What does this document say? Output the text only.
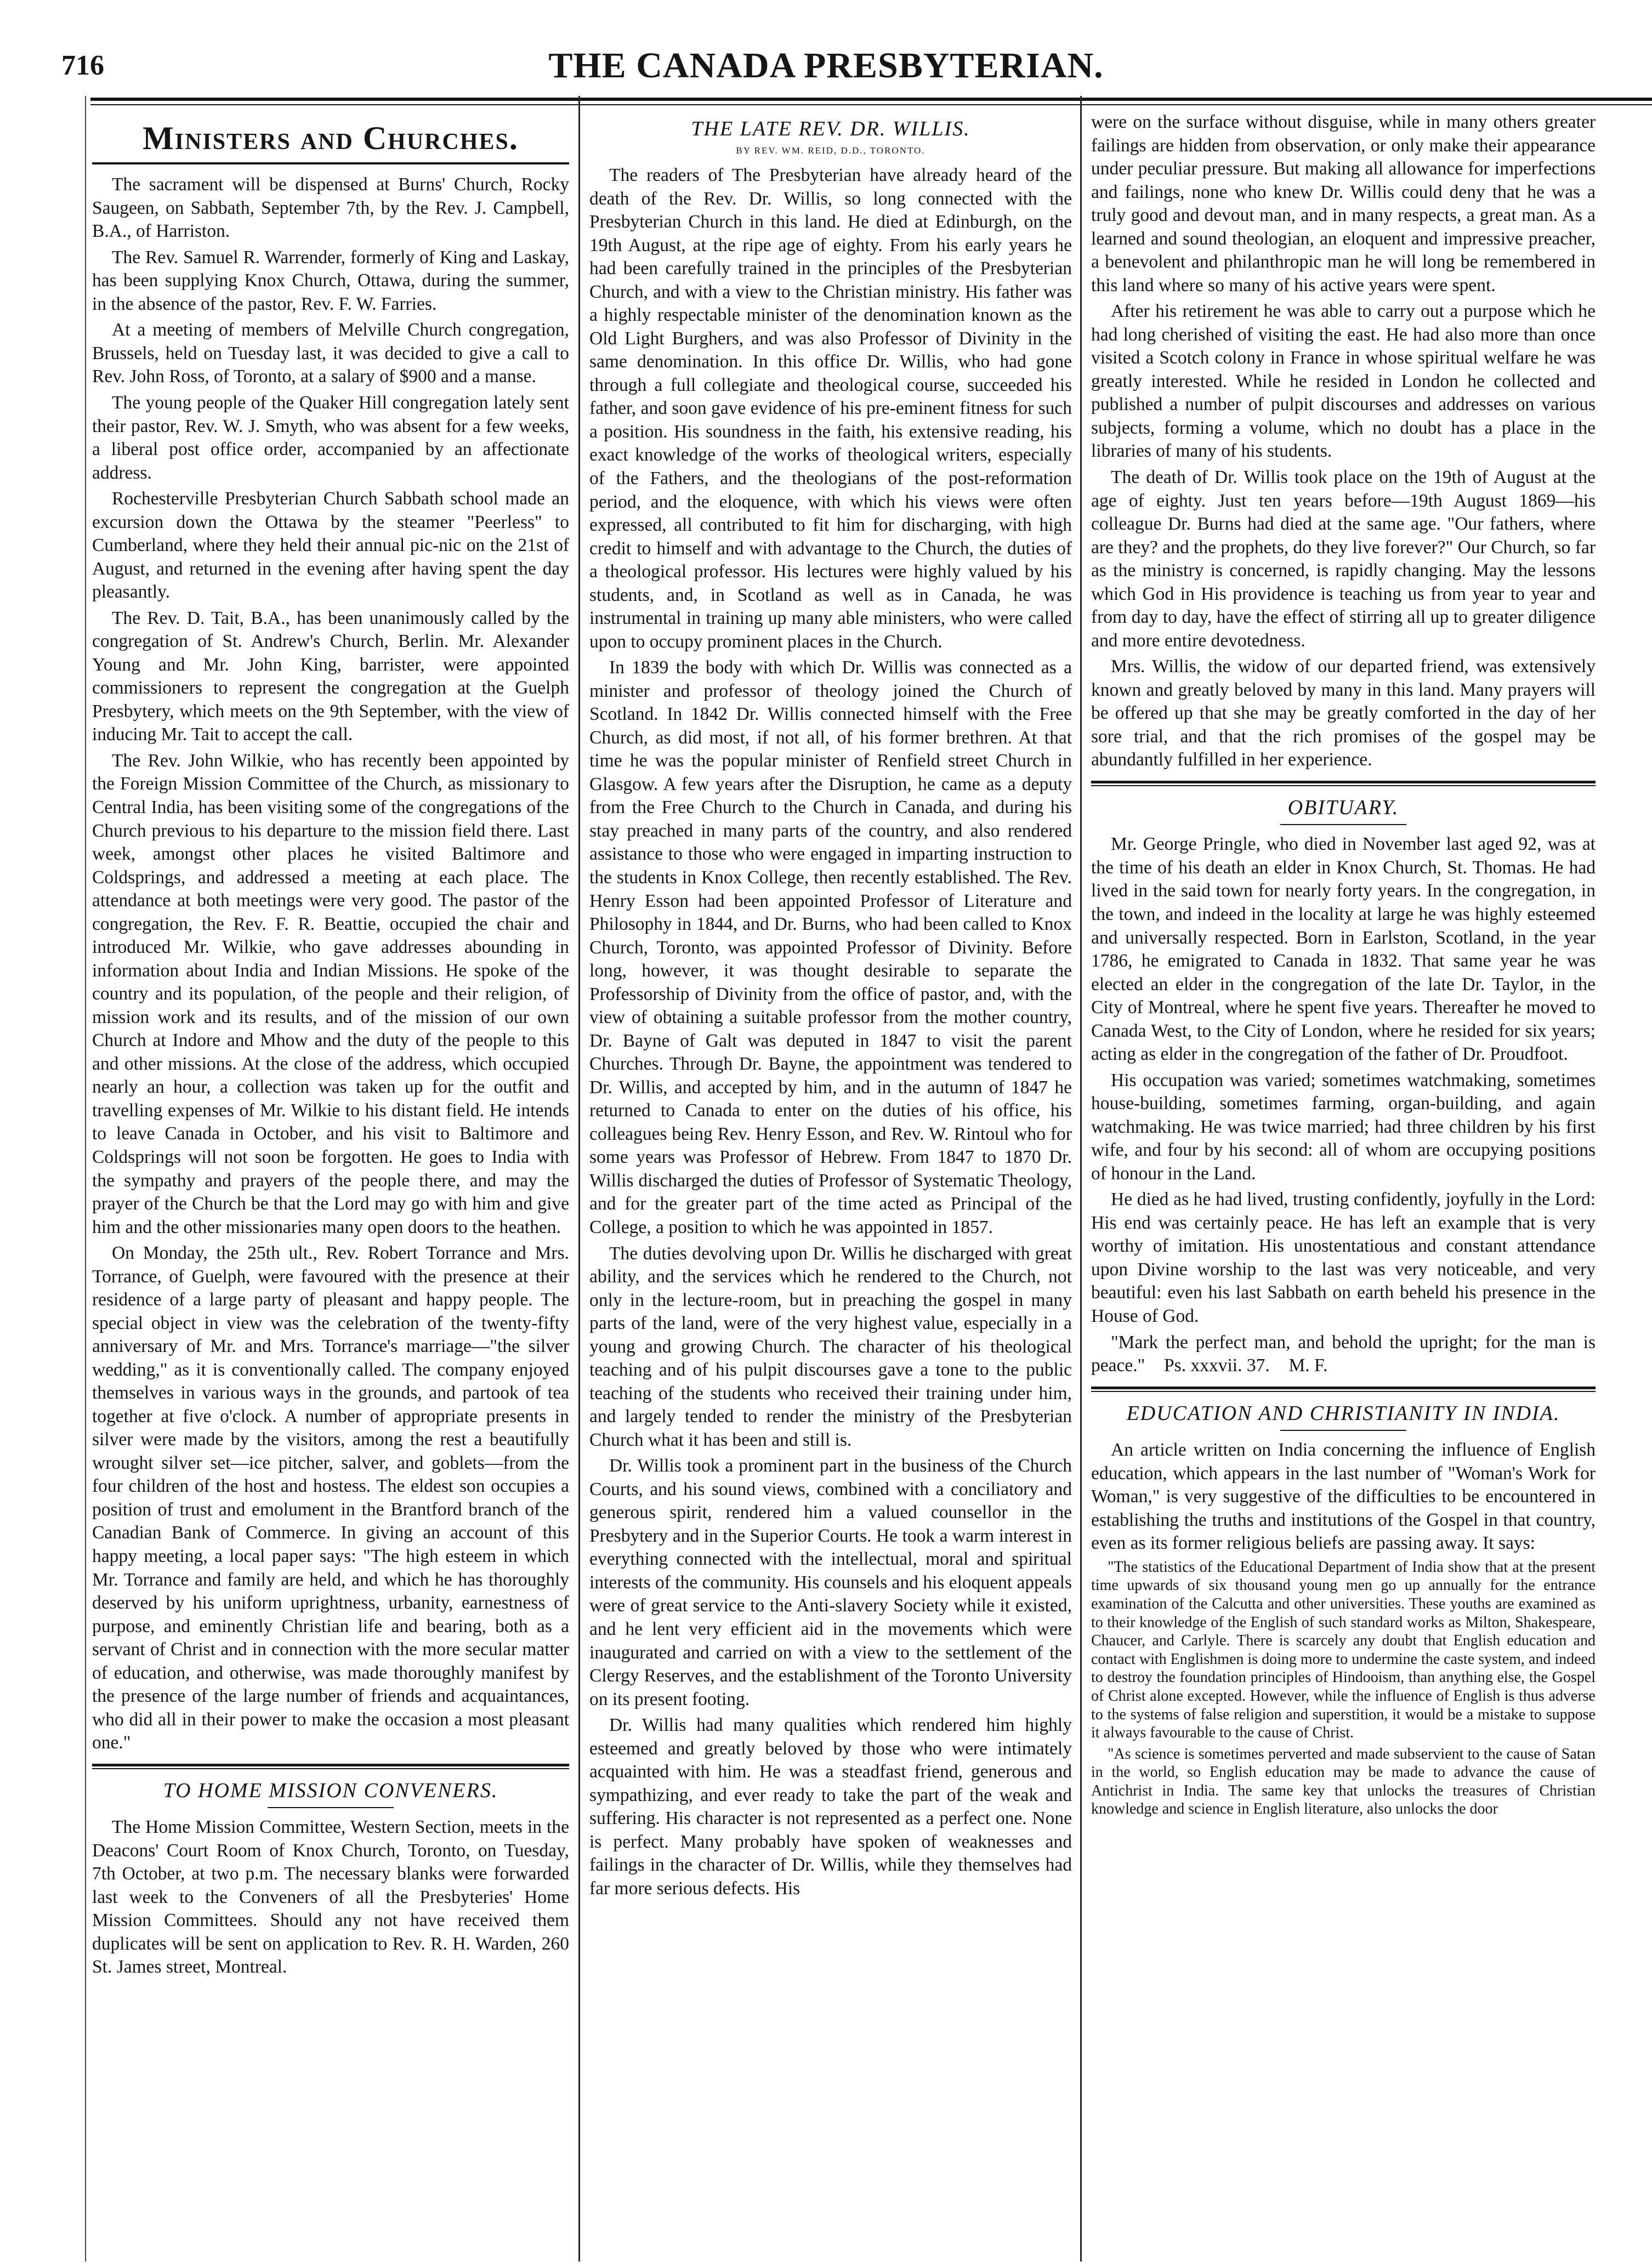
716	THE CANADA PRESBYTERIAN.
Ministers and Churches.

The sacrament will be dispensed at Burns' Church, Rocky Saugeen, on Sabbath, September 7th, by the Rev. J. Campbell, B.A., of Harriston.

The Rev. Samuel R. Warrender, formerly of King and Laskay, has been supplying Knox Church, Ottawa, during the summer, in the absence of the pastor, Rev. F. W. Farries.

At a meeting of members of Melville Church congregation, Brussels, held on Tuesday last, it was decided to give a call to Rev. John Ross, of Toronto, at a salary of $900 and a manse.

The young people of the Quaker Hill congregation lately sent their pastor, Rev. W. J. Smyth, who was absent for a few weeks, a liberal post office order, accompanied by an affectionate address.

Rochesterville Presbyterian Church Sabbath school made an excursion down the Ottawa by the steamer "Peerless" to Cumberland, where they held their annual pic-nic on the 21st of August, and returned in the evening after having spent the day pleasantly.

The Rev. D. Tait, B.A., has been unanimously called by the congregation of St. Andrew's Church, Berlin. Mr. Alexander Young and Mr. John King, barrister, were appointed commissioners to represent the congregation at the Guelph Presbytery, which meets on the 9th September, with the view of inducing Mr. Tait to accept the call.

The Rev. John Wilkie, who has recently been appointed by the Foreign Mission Committee of the Church, as missionary to Central India, has been visiting some of the congregations of the Church previous to his departure to the mission field there. Last week, amongst other places he visited Baltimore and Coldsprings, and addressed a meeting at each place. The attendance at both meetings were very good. The pastor of the congregation, the Rev. F. R. Beattie, occupied the chair and introduced Mr. Wilkie, who gave addresses abounding in information about India and Indian Missions. He spoke of the country and its population, of the people and their religion, of mission work and its results, and of the mission of our own Church at Indore and Mhow and the duty of the people to this and other missions. At the close of the address, which occupied nearly an hour, a collection was taken up for the outfit and travelling expenses of Mr. Wilkie to his distant field. He intends to leave Canada in October, and his visit to Baltimore and Coldsprings will not soon be forgotten. He goes to India with the sympathy and prayers of the people there, and may the prayer of the Church be that the Lord may go with him and give him and the other missionaries many open doors to the heathen.

On Monday, the 25th ult., Rev. Robert Torrance and Mrs. Torrance, of Guelph, were favoured with the presence at their residence of a large party of pleasant and happy people. The special object in view was the celebration of the twenty-fifty anniversary of Mr. and Mrs. Torrance's marriage—"the silver wedding," as it is conventionally called. The company enjoyed themselves in various ways in the grounds, and partook of tea together at five o'clock. A number of appropriate presents in silver were made by the visitors, among the rest a beautifully wrought silver set—ice pitcher, salver, and goblets—from the four children of the host and hostess. The eldest son occupies a position of trust and emolument in the Brantford branch of the Canadian Bank of Commerce. In giving an account of this happy meeting, a local paper says: "The high esteem in which Mr. Torrance and family are held, and which he has thoroughly deserved by his uniform uprightness, urbanity, earnestness of purpose, and eminently Christian life and bearing, both as a servant of Christ and in connection with the more secular matter of education, and otherwise, was made thoroughly manifest by the presence of the large number of friends and acquaintances, who did all in their power to make the occasion a most pleasant one."

TO HOME MISSION CONVENERS.

The Home Mission Committee, Western Section, meets in the Deacons' Court Room of Knox Church, Toronto, on Tuesday, 7th October, at two p.m. The necessary blanks were forwarded last week to the Conveners of all the Presbyteries' Home Mission Committees. Should any not have received them duplicates will be sent on application to Rev. R. H. Warden, 260 St. James street, Montreal.

THE LATE REV. DR. WILLIS.
BY REV. WM. REID, D.D., TORONTO.

The readers of The Presbyterian have already heard of the death of the Rev. Dr. Willis, so long connected with the Presbyterian Church in this land. He died at Edinburgh, on the 19th August, at the ripe age of eighty. From his early years he had been carefully trained in the principles of the Presbyterian Church, and with a view to the Christian ministry. His father was a highly respectable minister of the denomination known as the Old Light Burghers, and was also Professor of Divinity in the same denomination. In this office Dr. Willis, who had gone through a full collegiate and theological course, succeeded his father, and soon gave evidence of his pre-eminent fitness for such a position. His soundness in the faith, his extensive reading, his exact knowledge of the works of theological writers, especially of the Fathers, and the theologians of the post-reformation period, and the eloquence, with which his views were often expressed, all contributed to fit him for discharging, with high credit to himself and with advantage to the Church, the duties of a theological professor. His lectures were highly valued by his students, and, in Scotland as well as in Canada, he was instrumental in training up many able ministers, who were called upon to occupy prominent places in the Church.

In 1839 the body with which Dr. Willis was connected as a minister and professor of theology joined the Church of Scotland. In 1842 Dr. Willis connected himself with the Free Church, as did most, if not all, of his former brethren. At that time he was the popular minister of Renfield street Church in Glasgow. A few years after the Disruption, he came as a deputy from the Free Church to the Church in Canada, and during his stay preached in many parts of the country, and also rendered assistance to those who were engaged in imparting instruction to the students in Knox College, then recently established. The Rev. Henry Esson had been appointed Professor of Literature and Philosophy in 1844, and Dr. Burns, who had been called to Knox Church, Toronto, was appointed Professor of Divinity. Before long, however, it was thought desirable to separate the Professorship of Divinity from the office of pastor, and, with the view of obtaining a suitable professor from the mother country, Dr. Bayne of Galt was deputed in 1847 to visit the parent Churches. Through Dr. Bayne, the appointment was tendered to Dr. Willis, and accepted by him, and in the autumn of 1847 he returned to Canada to enter on the duties of his office, his colleagues being Rev. Henry Esson, and Rev. W. Rintoul who for some years was Professor of Hebrew. From 1847 to 1870 Dr. Willis discharged the duties of Professor of Systematic Theology, and for the greater part of the time acted as Principal of the College, a position to which he was appointed in 1857.

The duties devolving upon Dr. Willis he discharged with great ability, and the services which he rendered to the Church, not only in the lecture-room, but in preaching the gospel in many parts of the land, were of the very highest value, especially in a young and growing Church. The character of his theological teaching and of his pulpit discourses gave a tone to the public teaching of the students who received their training under him, and largely tended to render the ministry of the Presbyterian Church what it has been and still is.

Dr. Willis took a prominent part in the business of the Church Courts, and his sound views, combined with a conciliatory and generous spirit, rendered him a valued counsellor in the Presbytery and in the Superior Courts. He took a warm interest in everything connected with the intellectual, moral and spiritual interests of the community. His counsels and his eloquent appeals were of great service to the Anti-slavery Society while it existed, and he lent very efficient aid in the movements which were inaugurated and carried on with a view to the settlement of the Clergy Reserves, and the establishment of the Toronto University on its present footing.

Dr. Willis had many qualities which rendered him highly esteemed and greatly beloved by those who were intimately acquainted with him. He was a steadfast friend, generous and sympathizing, and ever ready to take the part of the weak and suffering. His character is not represented as a perfect one. None is perfect. Many probably have spoken of weaknesses and failings in the character of Dr. Willis, while they themselves had far more serious defects. His

were on the surface without disguise, while in many others greater failings are hidden from observation, or only make their appearance under peculiar pressure. But making all allowance for imperfections and failings, none who knew Dr. Willis could deny that he was a truly good and devout man, and in many respects, a great man. As a learned and sound theologian, an eloquent and impressive preacher, a benevolent and philanthropic man he will long be remembered in this land where so many of his active years were spent.

After his retirement he was able to carry out a purpose which he had long cherished of visiting the east. He had also more than once visited a Scotch colony in France in whose spiritual welfare he was greatly interested. While he resided in London he collected and published a number of pulpit discourses and addresses on various subjects, forming a volume, which no doubt has a place in the libraries of many of his students.

The death of Dr. Willis took place on the 19th of August at the age of eighty. Just ten years before—19th August 1869—his colleague Dr. Burns had died at the same age. "Our fathers, where are they? and the prophets, do they live forever?" Our Church, so far as the ministry is concerned, is rapidly changing. May the lessons which God in His providence is teaching us from year to year and from day to day, have the effect of stirring all up to greater diligence and more entire devotedness.

Mrs. Willis, the widow of our departed friend, was extensively known and greatly beloved by many in this land. Many prayers will be offered up that she may be greatly comforted in the day of her sore trial, and that the rich promises of the gospel may be abundantly fulfilled in her experience.

OBITUARY.

Mr. George Pringle, who died in November last aged 92, was at the time of his death an elder in Knox Church, St. Thomas. He had lived in the said town for nearly forty years. In the congregation, in the town, and indeed in the locality at large he was highly esteemed and universally respected. Born in Earlston, Scotland, in the year 1786, he emigrated to Canada in 1832. That same year he was elected an elder in the congregation of the late Dr. Taylor, in the City of Montreal, where he spent five years. Thereafter he moved to Canada West, to the City of London, where he resided for six years; acting as elder in the congregation of the father of Dr. Proudfoot.

His occupation was varied; sometimes watchmaking, sometimes house-building, sometimes farming, organ-building, and again watchmaking. He was twice married; had three children by his first wife, and four by his second: all of whom are occupying positions of honour in the Land.

He died as he had lived, trusting confidently, joyfully in the Lord: His end was certainly peace. He has left an example that is very worthy of imitation. His unostentatious and constant attendance upon Divine worship to the last was very noticeable, and very beautiful: even his last Sabbath on earth beheld his presence in the House of God.

"Mark the perfect man, and behold the upright; for the man is peace." Ps. xxxvii. 37. M. F.

EDUCATION AND CHRISTIANITY IN INDIA.

An article written on India concerning the influence of English education, which appears in the last number of "Woman's Work for Woman," is very suggestive of the difficulties to be encountered in establishing the truths and institutions of the Gospel in that country, even as its former religious beliefs are passing away. It says:

"The statistics of the Educational Department of India show that at the present time upwards of six thousand young men go up annually for the entrance examination of the Calcutta and other universities. These youths are examined as to their knowledge of the English of such standard works as Milton, Shakespeare, Chaucer, and Carlyle. There is scarcely any doubt that English education and contact with Englishmen is doing more to undermine the caste system, and indeed to destroy the foundation principles of Hindooism, than anything else, the Gospel of Christ alone excepted. However, while the influence of English is thus adverse to the systems of false religion and superstition, it would be a mistake to suppose it always favourable to the cause of Christ.

"As science is sometimes perverted and made subservient to the cause of Satan in the world, so English education may be made to advance the cause of Antichrist in India. The same key that unlocks the treasures of Christian knowledge and science in English literature, also unlocks the door
